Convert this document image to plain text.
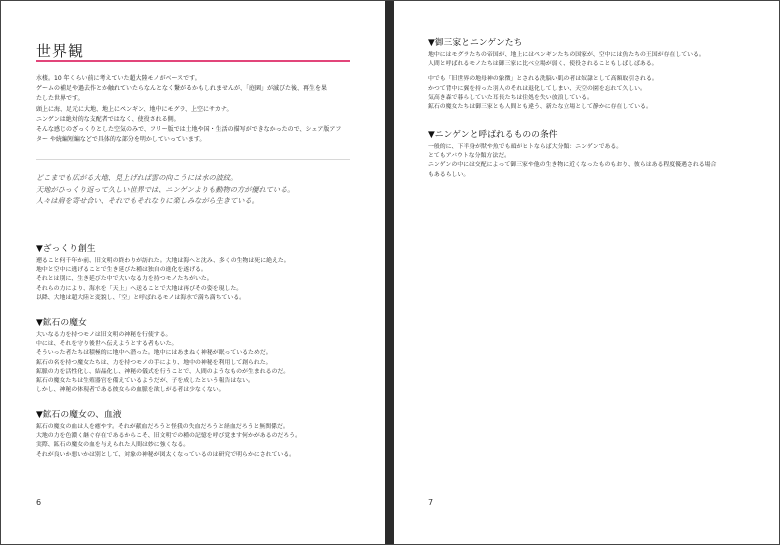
世界観

水棲。10 年くらい前に考えていた超大陸モノがベースです。

ゲームの補足や過去作とか触れていたらなんとなく繋がるかもしれませんが、「庭園」が滅びた後、再生を果

たした世界です。

頭上に海、足元に大地、地上にペンギン、地中にモグラ、上空にサカナ。

ニンゲンは絶対的な支配者ではなく、使役される側。

そんな感じのざっくりとした空気のみで、フリー版では土地や国・生活の描写ができなかったので、シェア版アフ

ター や続編短編などで具体的な部分を明かしていっています。

どこまでも広がる大地、見上げれば雲の向こうには水の波紋。

天地がひっくり返って久しい世界では、ニンゲンよりも動物の方が優れている。

人々は肩を寄せ合い、それでもそれなりに楽しみながら生きている。

▼ざっくり創生

遡ること何千年か前、旧文明の終わりが訪れた。大地は海へと沈み、多くの生物は死に絶えた。

地中と空中に逃げることで生き延びた種は独自の進化を遂げる。

それとは別に、生き延びた中で大いなる力を持つモノたちがいた。

それらの力により、海水を「天上」へ送ることで大地は再びその姿を現した。

以降、大地は超大陸と変貌し、「空」と呼ばれるモノは海水で満ち満ちている。

▼鉱石の魔女

大いなる力を持つモノは旧文明の神秘を行使する。

中には、それを守り後世へ伝えようとする者もいた。

そういった者たちは積極的に地中へ潜った。地中にはあまねく神秘が眠っているためだ。

鉱石の名を持つ魔女たちは、力を持つモノの手により、地中の神秘を利用して創られた。

鉱脈の力を活性化し、結晶化し、神秘の儀式を行うことで、人間のようなものが生まれるのだ。

鉱石の魔女たちは生殖器官を備えているようだが、子を成したという報告はない。

しかし、神秘の体現者である彼女らの血脈を欲しがる者は少なくない。

▼鉱石の魔女の、血液

鉱石の魔女の血は人を癒やす。それが献血だろうと怪我の失血だろうと経血だろうと無関係だ。

大地の力を色濃く継ぐ存在であるからこそ、旧文明での種の記憶を呼び覚ます何かがあるのだろう。

実際、鉱石の魔女の血を与えられた人間は妙に強くなる。

それが良いか悪いかは別として、対象の神秘が図太くなっているのは研究で明らかにされている。

6
▼御三家とニンゲンたち

地中にはモグラたちの帝国が、地上にはペンギンたちの国家が、空中には魚たちの王国が存在している。

人間と呼ばれるモノたちは御三家に比べ立場が弱く、使役されることもしばしばある。

中でも「旧世界の地母神の象徴」とされる洗脳い肌の者は奴隷として高額取引される。

かつて背中に翼を持った羽人のそれは退化してしまい、天空の園を忘れて久しい。

気高き森で暮らしていた耳長たちは住処を失い放浪している。

鉱石の魔女たちは御三家とも人間とも違う、新たな立場として静かに存在している。

▼ニンゲンと呼ばれるものの条件

一般的に、下半身が獣や魚でも頭がヒトならば大分類：ニンゲンである。

とてもアバウトな分類方法だ。

ニンゲンの中には交配によって御三家や他の生き物に近くなったものもおり、彼らはある程度優遇される場合

もあるらしい。

7
